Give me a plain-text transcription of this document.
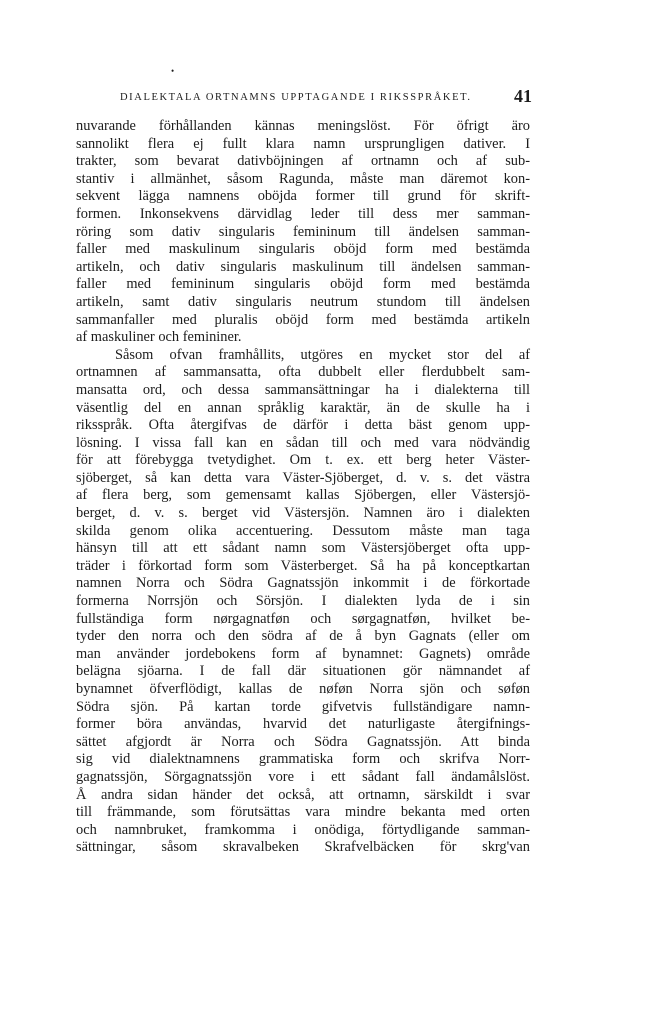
•
DIALEKTALA ORTNAMNS UPPTAGANDE I RIKSSPRÅKET. 41
nuvarande förhållanden kännas meningslöst. För öfrigt äro
sannolikt flera ej fullt klara namn ursprungligen dativer. I
trakter, som bevarat dativböjningen af ortnamn och af sub-
stantiv i allmänhet, såsom Ragunda, måste man däremot kon-
sekvent lägga namnens oböjda former till grund för skrift-
formen. Inkonsekvens därvidlag leder till dess mer samman-
röring som dativ singularis femininum till ändelsen samman-
faller med maskulinum singularis oböjd form med bestämda
artikeln, och dativ singularis maskulinum till ändelsen samman-
faller med femininum singularis oböjd form med bestämda
artikeln, samt dativ singularis neutrum stundom till ändelsen
sammanfaller med pluralis oböjd form med bestämda artikeln
af maskuliner och femininer.
Såsom ofvan framhållits, utgöres en mycket stor del af
ortnamnen af sammansatta, ofta dubbelt eller flerdubbelt sam-
mansatta ord, och dessa sammansättningar ha i dialekterna till
väsentlig del en annan språklig karaktär, än de skulle ha i
riksspråk. Ofta återgifvas de därför i detta bäst genom upp-
lösning. I vissa fall kan en sådan till och med vara nödvändig
för att förebygga tvetydighet. Om t. ex. ett berg heter Väster-
sjöberget, så kan detta vara Väster-Sjöberget, d. v. s. det västra
af flera berg, som gemensamt kallas Sjöbergen, eller Västersjö-
berget, d. v. s. berget vid Västersjön. Namnen äro i dialekten
skilda genom olika accentuering. Dessutom måste man taga
hänsyn till att ett sådant namn som Västersjöberget ofta upp-
träder i förkortad form som Västerberget. Så ha på konceptkartan
namnen Norra och Södra Gagnatssjön inkommit i de förkortade
formerna Norrsjön och Sörsjön. I dialekten lyda de i sin
fullständiga form nørgagnatføn och sørgagnatføn, hvilket be-
tyder den norra och den södra af de å byn Gagnats (eller om
man använder jordebokens form af bynamnet: Gagnets) område
belägna sjöarna. I de fall där situationen gör nämnandet af
bynamnet öfverflödigt, kallas de nøføn Norra sjön och søføn
Södra sjön. På kartan torde gifvetvis fullständigare namn-
former böra användas, hvarvid det naturligaste återgifnings-
sättet afgjordt är Norra och Södra Gagnatssjön. Att binda
sig vid dialektnamnens grammatiska form och skrifva Norr-
gagnatssjön, Sörgagnatssjön vore i ett sådant fall ändamålslöst.
Å andra sidan händer det också, att ortnamn, särskildt i svar
till främmande, som förutsättas vara mindre bekanta med orten
och namnbruket, framkomma i onödiga, förtydligande samman-
sättningar, såsom skravalbeken Skrafvelbäcken för skrg'van
